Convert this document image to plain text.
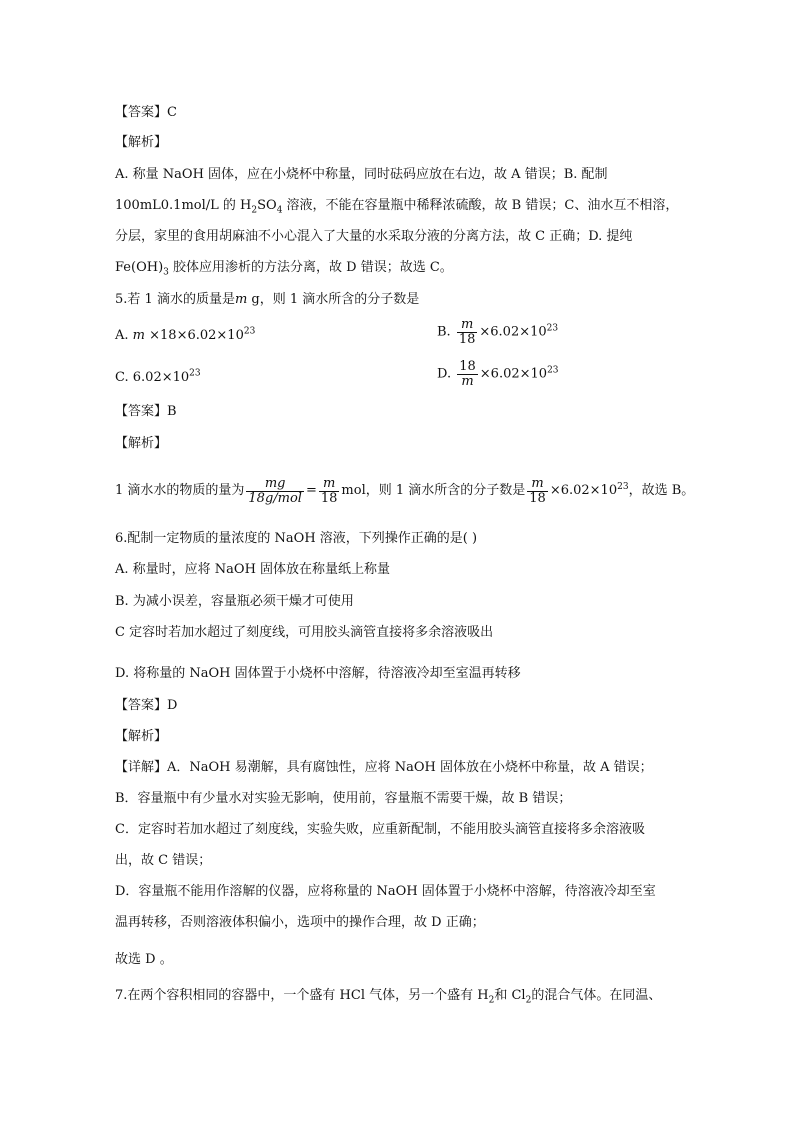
【答案】C
【解析】
A. 称量 NaOH 固体，应在小烧杯中称量，同时砝码应放在右边，故 A 错误；B. 配制
100mL0.1mol/L 的 $H_2SO_4$ 溶液，不能在容量瓶中稀释浓硫酸，故 B 错误；C、油水互不相溶，
分层，家里的食用胡麻油不小心混入了大量的水采取分液的分离方法，故 C 正确；D. 提纯
$Fe(OH)_3$ 胶体应用渗析的方法分离，故 D 错误；故选 C。
5.若 1 滴水的质量是m g，则 1 滴水所含的分子数是
A. $m \times 18\times 6.02\times 10^{23}$	B. $\frac{m}{18} \times 6.02\times 10^{23}$
C. $6.02\times 10^{23}$	D. $\frac{18}{m} \times 6.02\times 10^{23}$
【答案】B
【解析】
1 滴水水的物质的量为 $\frac{mg}{\text{18g/mol}} = \frac{m}{18}$ mol，则 1 滴水所含的分子数是 $\frac{m}{18} \times 6.02\times 10^{23}$，故选 B。
6.配制一定物质的量浓度的 NaOH 溶液，下列操作正确的是( )
A. 称量时，应将 NaOH 固体放在称量纸上称量
B. 为减小误差，容量瓶必须干燥才可使用
C 定容时若加水超过了刻度线，可用胶头滴管直接将多余溶液吸出
D. 将称量的 NaOH 固体置于小烧杯中溶解，待溶液冷却至室温再转移
【答案】D
【解析】
【详解】A．NaOH 易潮解，具有腐蚀性，应将 NaOH 固体放在小烧杯中称量，故 A 错误；
B．容量瓶中有少量水对实验无影响，使用前，容量瓶不需要干燥，故 B 错误；
C．定容时若加水超过了刻度线，实验失败，应重新配制，不能用胶头滴管直接将多余溶液吸
出，故 C 错误；
D．容量瓶不能用作溶解的仪器，应将称量的 NaOH 固体置于小烧杯中溶解，待溶液冷却至室
温再转移，否则溶液体积偏小，选项中的操作合理，故 D 正确；
故选 D 。
7.在两个容积相同的容器中，一个盛有 HCl 气体，另一个盛有 $H_2$和 $Cl_2$的混合气体。在同温、
